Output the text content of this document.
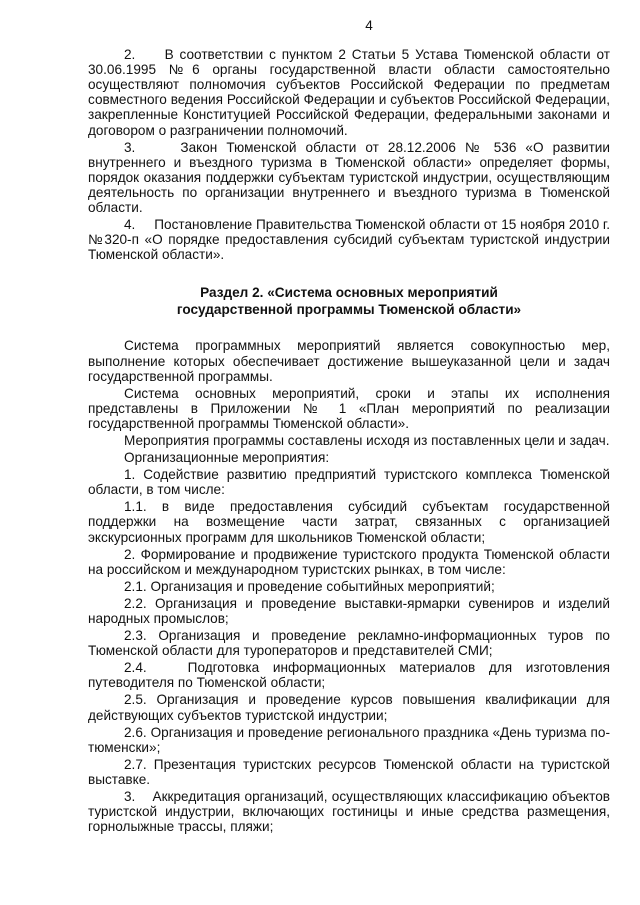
4

2.     В соответствии с пунктом 2 Статьи 5 Устава Тюменской области от 30.06.1995 №6 органы государственной власти области самостоятельно осуществляют полномочия субъектов Российской Федерации по предметам совместного ведения Российской Федерации и субъектов Российской Федерации, закрепленные Конституцией Российской Федерации, федеральными законами и договором о разграничении полномочий.

3.     Закон Тюменской области от 28.12.2006 № 536 «О развитии внутреннего и въездного туризма в Тюменской области» определяет формы, порядок оказания поддержки субъектам туристской индустрии, осуществляющим деятельность по организации внутреннего и въездного туризма в Тюменской области.

4.     Постановление Правительства Тюменской области от 15 ноября 2010 г. №320-п «О порядке предоставления субсидий субъектам туристской индустрии Тюменской области».

Раздел 2. «Система основных мероприятий
государственной программы Тюменской области»

Система программных мероприятий является совокупностью мер, выполнение которых обеспечивает достижение вышеуказанной цели и задач государственной программы.

Система основных мероприятий, сроки и этапы их исполнения представлены в Приложении № 1 «План мероприятий по реализации государственной программы Тюменской области».

Мероприятия программы составлены исходя из поставленных цели и задач.

Организационные мероприятия:

1. Содействие развитию предприятий туристского комплекса Тюменской области, в том числе:

1.1. в виде предоставления субсидий субъектам государственной поддержки на возмещение части затрат, связанных с организацией экскурсионных программ для школьников Тюменской области;

2. Формирование и продвижение туристского продукта Тюменской области на российском и международном туристских рынках, в том числе:

2.1. Организация и проведение событийных мероприятий;

2.2. Организация и проведение выставки-ярмарки сувениров и изделий народных промыслов;

2.3. Организация и проведение рекламно-информационных туров по Тюменской области для туроператоров и представителей СМИ;

2.4.   Подготовка информационных материалов для изготовления путеводителя по Тюменской области;

2.5. Организация и проведение курсов повышения квалификации для действующих субъектов туристской индустрии;

2.6. Организация и проведение регионального праздника «День туризма по-тюменски»;

2.7. Презентация туристских ресурсов Тюменской области на туристской выставке.

3.    Аккредитация организаций, осуществляющих классификацию объектов туристской индустрии, включающих гостиницы и иные средства размещения, горнолыжные трассы, пляжи;
